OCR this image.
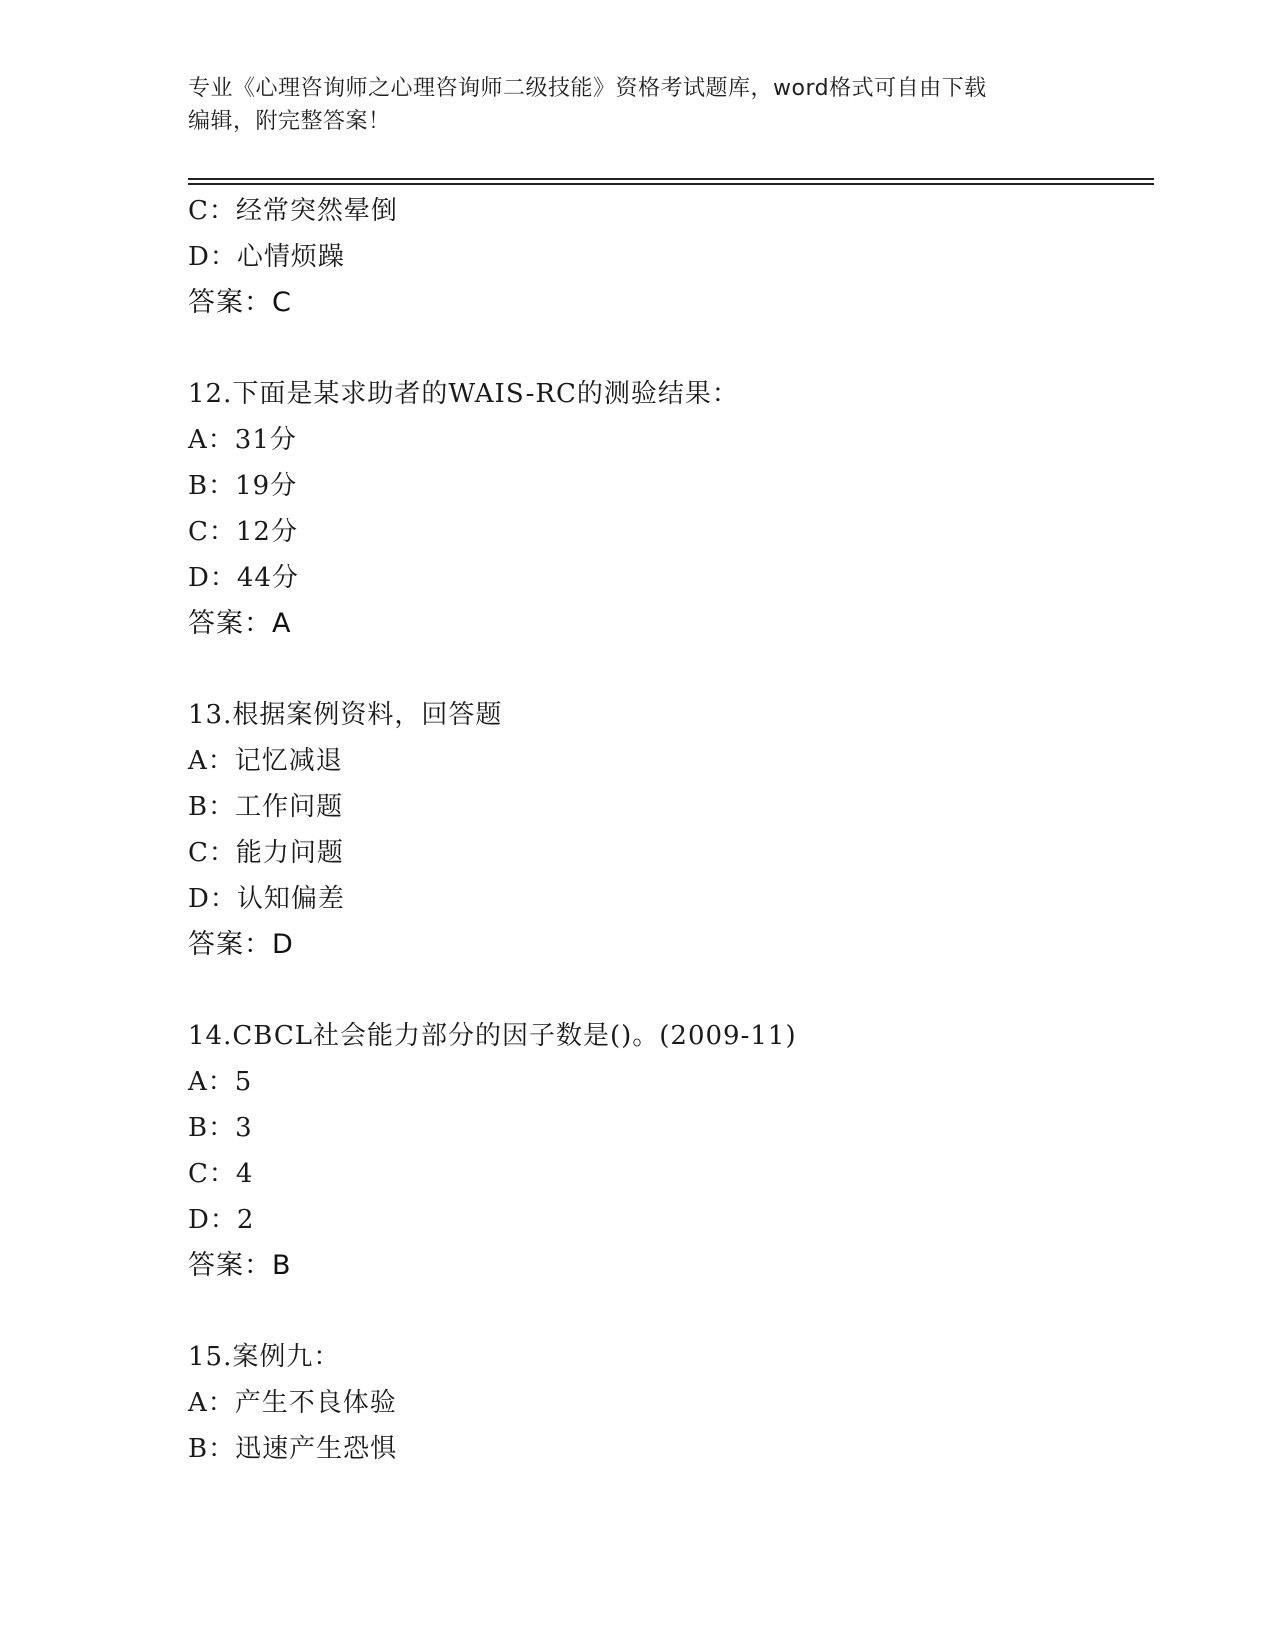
专业《心理咨询师之心理咨询师二级技能》资格考试题库，word格式可自由下载
编辑，附完整答案！
C：经常突然晕倒
D：心情烦躁
答案：C
12.下面是某求助者的WAIS-RC的测验结果：
A：31分
B：19分
C：12分
D：44分
答案：A
13.根据案例资料，回答题
A：记忆减退
B：工作问题
C：能力问题
D：认知偏差
答案：D
14.CBCL社会能力部分的因子数是()。(2009-11)
A：5
B：3
C：4
D：2
答案：B
15.案例九：
A：产生不良体验
B：迅速产生恐惧
